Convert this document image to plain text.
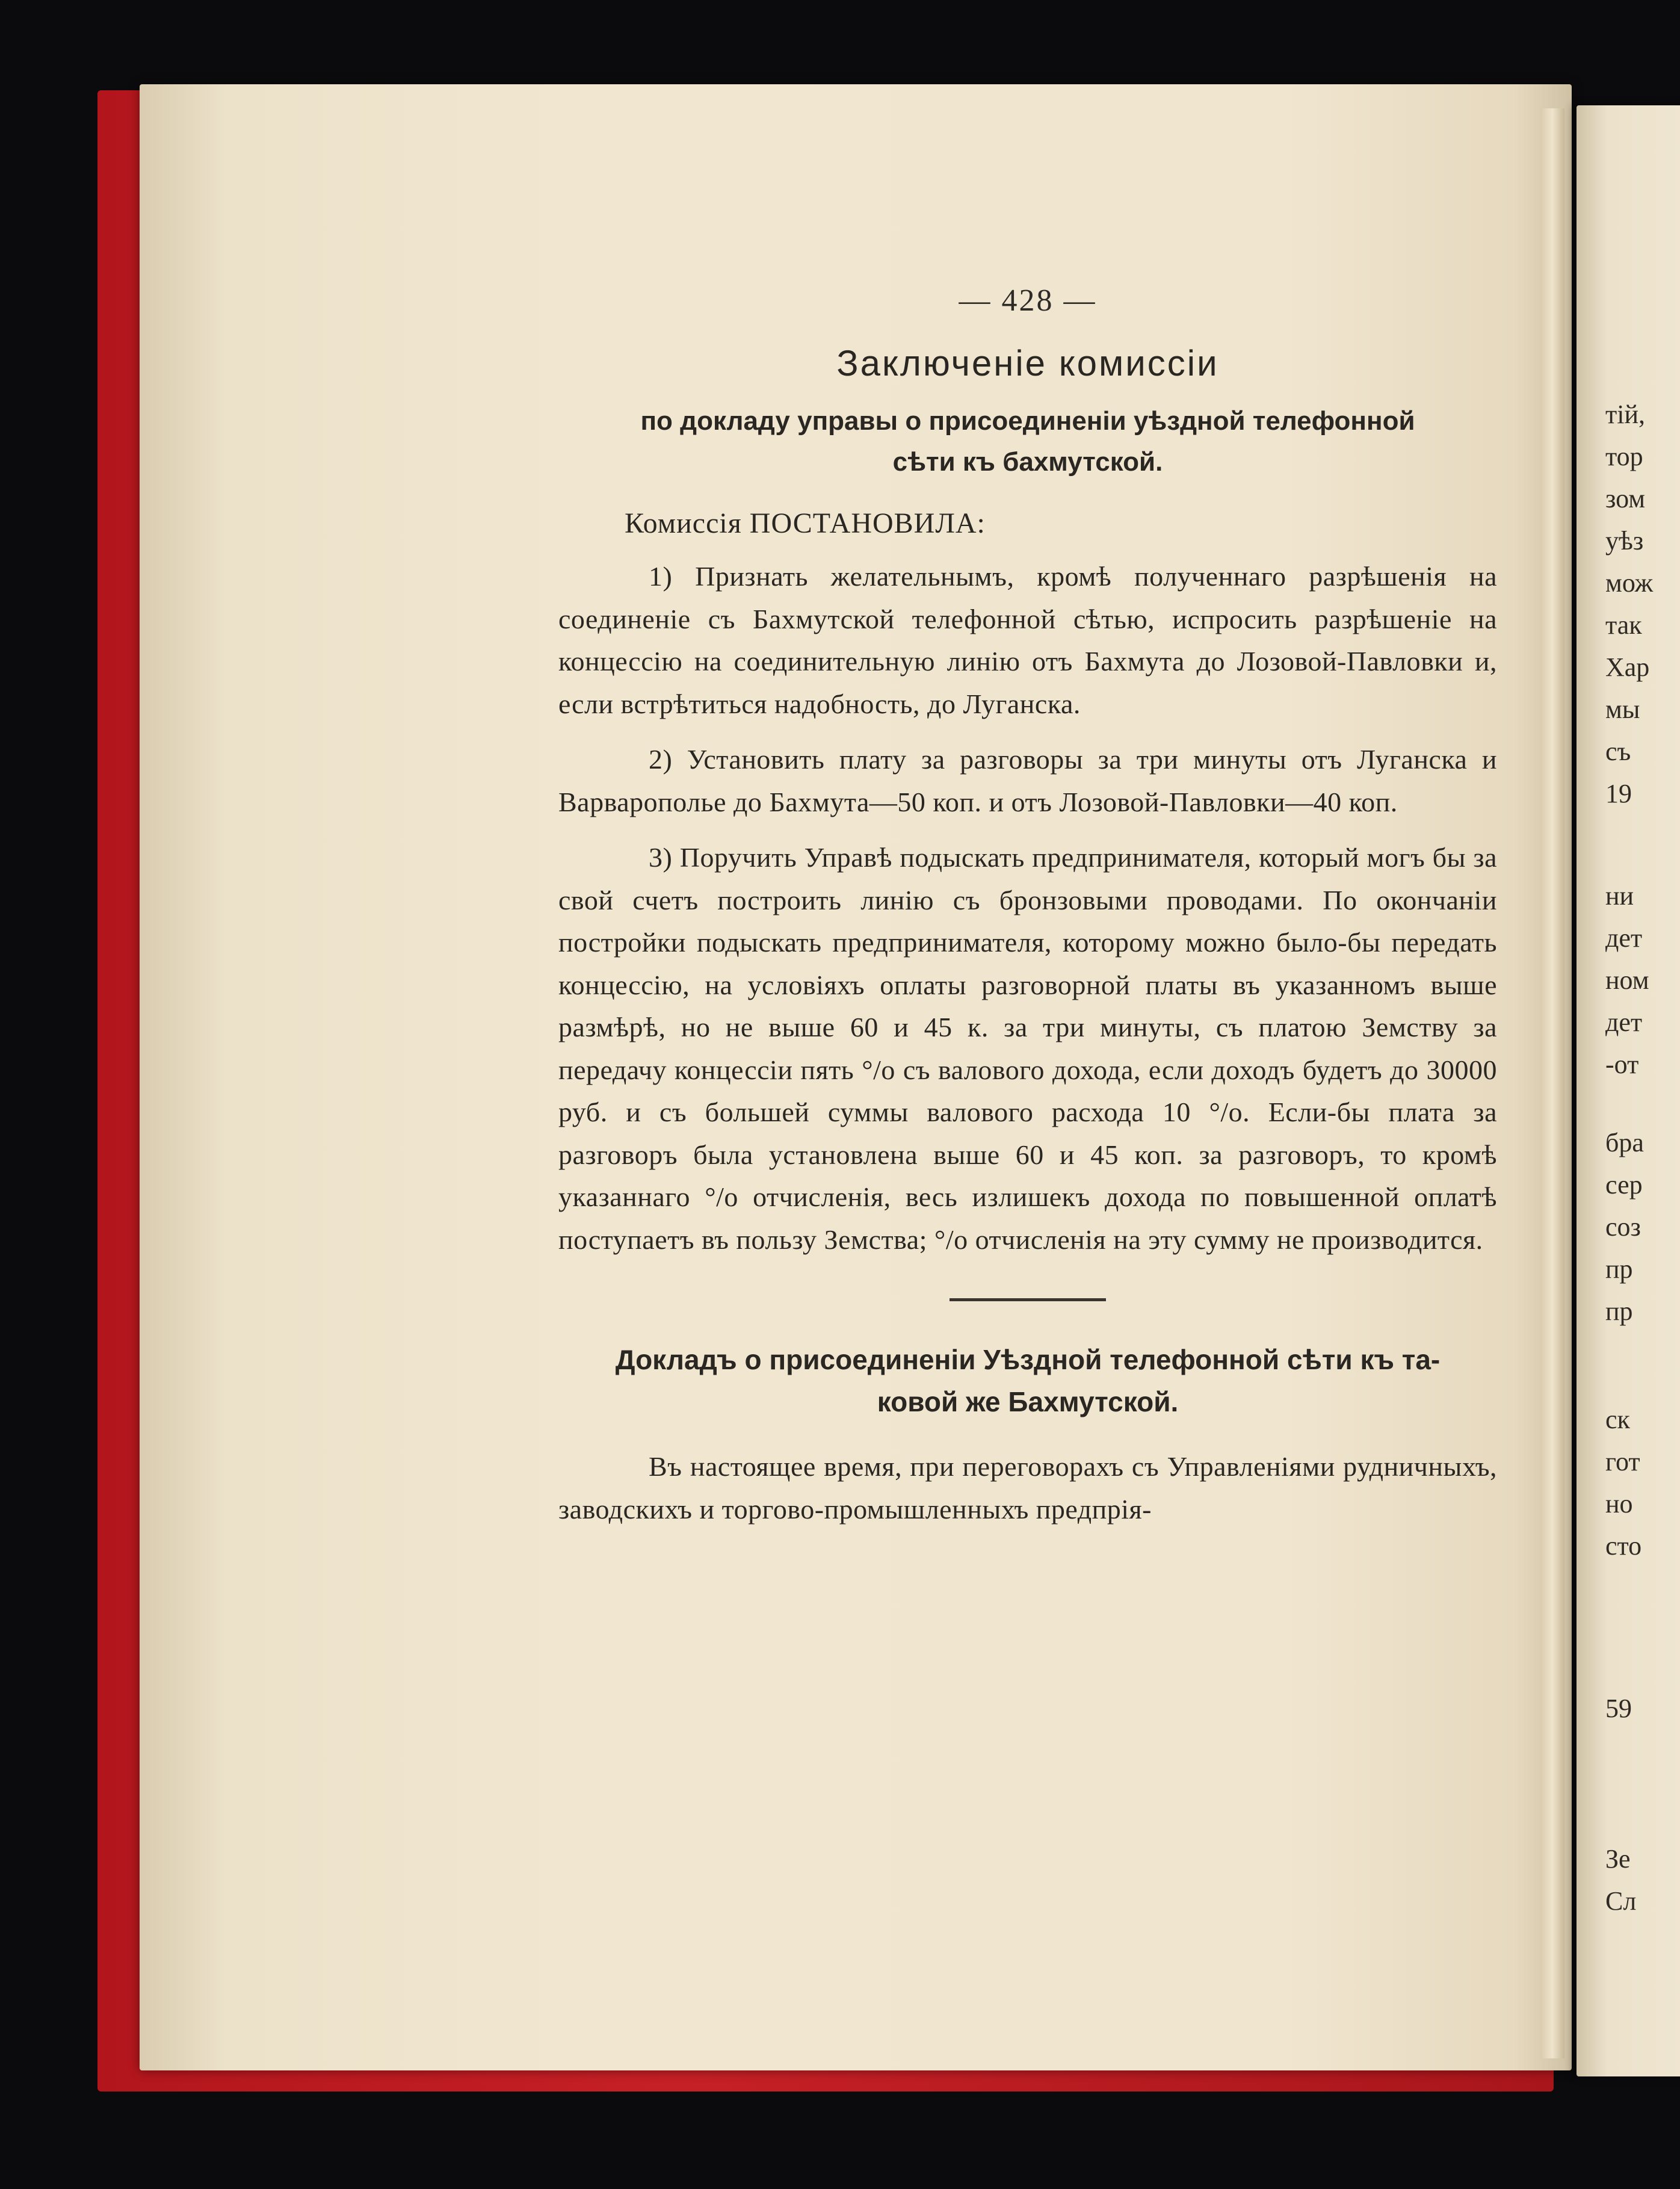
тій,
тор
зом
уѣз
мож
так
Хар
мы
съ
19
ни
дет
ном
дет
-от
бра
сер
соз
пр
пр
ск
гот
но
сто
59
Зе
Сл
— 428 —
Заключеніе комиссіи
по докладу управы о присоединеніи уѣздной телефонной
сѣти къ бахмутской.
Комиссія ПОСТАНОВИЛА:

1) Признать желательнымъ, кромѣ полученнаго разрѣшенія на соединеніе съ Бахмутской телефонной сѣтью, испросить разрѣшеніе на концессію на соединительную линію отъ Бахмута до Лозовой-Павловки и, если встрѣтиться надобность, до Луганска.

2) Установить плату за разговоры за три минуты отъ Луганска и Варварополье до Бахмута—50 коп. и отъ Лозовой-Павловки—40 коп.

3) Поручить Управѣ подыскать предпринимателя, который могъ бы за свой счетъ построить линію съ бронзовыми проводами. По окончаніи постройки подыскать предпринимателя, которому можно было-бы передать концессію, на условіяхъ оплаты разговорной платы въ указанномъ выше размѣрѣ, но не выше 60 и 45 к. за три минуты, съ платою Земству за передачу концессіи пять °/о съ валового дохода, если доходъ будетъ до 30000 руб. и съ большей суммы валового расхода 10 °/о. Если-бы плата за разговоръ была установлена выше 60 и 45 коп. за разговоръ, то кромѣ указаннаго °/о отчисленія, весь излишекъ дохода по повышенной оплатѣ поступаетъ въ пользу Земства; °/о отчисленія на эту сумму не производится.

Докладъ о присоединеніи Уѣздной телефонной сѣти къ та-
ковой же Бахмутской.

Въ настоящее время, при переговорахъ съ Управленіями рудничныхъ, заводскихъ и торгово-промышленныхъ предпрія-
